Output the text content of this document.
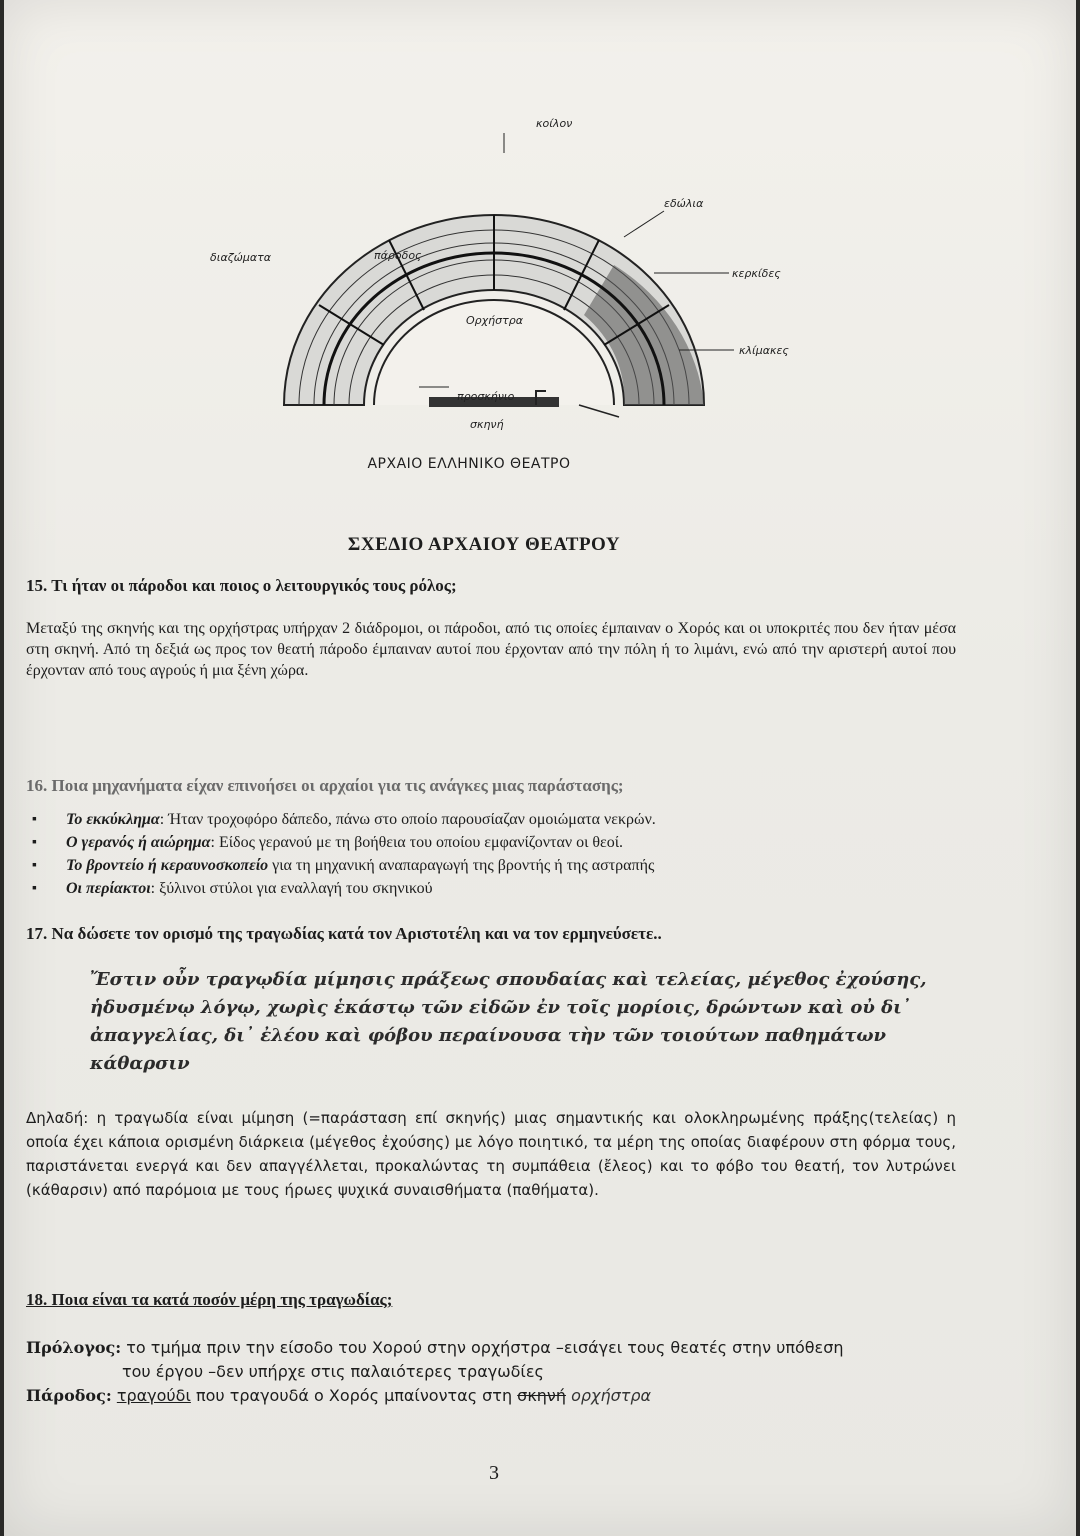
κοίλον
εδώλια
διαζώματα	πάροδος
κερκίδες
Ορχήστρα
κλίμακες
προσκήνιο
σκηνή
ΑΡΧΑΙΟ ΕΛΛΗΝΙΚΟ ΘΕΑΤΡΟ
ΣΧΕΔΙΟ ΑΡΧΑΙΟΥ ΘΕΑΤΡΟΥ

15. Τι ήταν οι πάροδοι και ποιος ο λειτουργικός τους ρόλος;

Μεταξύ της σκηνής και της ορχήστρας υπήρχαν 2 διάδρομοι, οι πάροδοι, από τις οποίες έμπαιναν ο Χορός και οι υποκριτές που δεν ήταν μέσα στη σκηνή. Από τη δεξιά ως προς τον θεατή πάροδο έμπαιναν αυτοί που έρχονταν από την πόλη ή το λιμάνι, ενώ από την αριστερή αυτοί που έρχονταν από τους αγρούς ή μια ξένη χώρα.

16. Ποια μηχανήματα είχαν επινοήσει οι αρχαίοι για τις ανάγκες μιας παράστασης;

▪ Το εκκύκλημα: Ήταν τροχοφόρο δάπεδο, πάνω στο οποίο παρουσίαζαν ομοιώματα νεκρών.
▪ Ο γερανός ή αιώρημα: Είδος γερανού με τη βοήθεια του οποίου εμφανίζονταν οι θεοί.
▪ Το βροντείο ή κεραυνοσκοπείο για τη μηχανική αναπαραγωγή της βροντής ή της αστραπής
▪ Οι περίακτοι: ξύλινοι στύλοι για εναλλαγή του σκηνικού

17. Να δώσετε τον ορισμό της τραγωδίας κατά τον Αριστοτέλη και να τον ερμηνεύσετε..

Ἔστιν οὖν τραγῳδία μίμησις πράξεως σπουδαίας καὶ τελείας, μέγεθος ἐχούσης, ἡδυσμένῳ λόγῳ, χωρὶς ἑκάστῳ τῶν εἰδῶν ἐν τοῖς μορίοις, δρώντων καὶ οὐ δι᾽ ἀπαγγελίας, δι᾽ ἐλέου καὶ φόβου περαίνουσα τὴν τῶν τοιούτων παθημάτων κάθαρσιν

Δηλαδή: η τραγωδία είναι μίμηση (=παράσταση επί σκηνής) μιας σημαντικής και ολοκληρωμένης πράξης(τελείας) η οποία έχει κάποια ορισμένη διάρκεια (μέγεθος ἐχούσης) με λόγο ποιητικό, τα μέρη της οποίας διαφέρουν στη φόρμα τους, παριστάνεται ενεργά και δεν απαγγέλλεται, προκαλώντας τη συμπάθεια (ἔλεος) και το φόβο του θεατή, τον λυτρώνει (κάθαρσιν) από παρόμοια με τους ήρωες ψυχικά συναισθήματα (παθήματα).

18. Ποια είναι τα κατά ποσόν μέρη της τραγωδίας;

Πρόλογος: το τμήμα πριν την είσοδο του Χορού στην ορχήστρα –εισάγει τους θεατές στην υπόθεση
του έργου –δεν υπήρχε στις παλαιότερες τραγωδίες
Πάροδος: τραγούδι που τραγουδά ο Χορός μπαίνοντας στη σκηνή ορχήστρα
3
